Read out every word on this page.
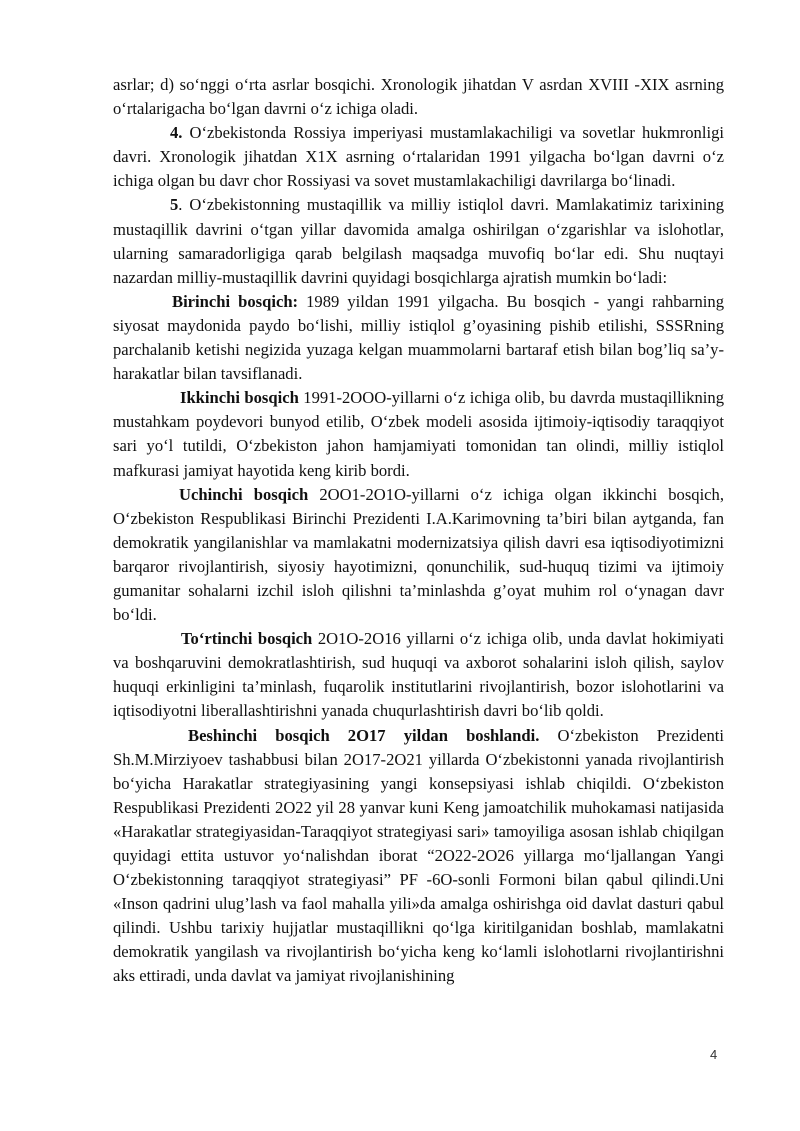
asrlar; d) so‘nggi o‘rta asrlar bosqichi. Xronologik jihatdan V asrdan XVIII -XIX asrning o‘rtalarigacha bo‘lgan davrni o‘z ichiga oladi.

4. O‘zbekistonda Rossiya imperiyasi mustamlakachiligi va sovetlar hukmronligi davri. Xronologik jihatdan X1X asrning o‘rtalaridan 1991 yilgacha bo‘lgan davrni o‘z ichiga olgan bu davr chor Rossiyasi va sovet mustamlakachiligi davrilarga bo‘linadi.

5. O‘zbekistonning mustaqillik va milliy istiqlol davri. Mamlakatimiz tarixining mustaqillik davrini o‘tgan yillar davomida amalga oshirilgan o‘zgarishlar va islohotlar, ularning samaradorligiga qarab belgilash maqsadga muvofiq bo‘lar edi. Shu nuqtayi nazardan milliy-mustaqillik davrini quyidagi bosqichlarga ajratish mumkin bo‘ladi:

Birinchi bosqich: 1989 yildan 1991 yilgacha. Bu bosqich - yangi rahbarning siyosat maydonida paydo bo‘lishi, milliy istiqlol g’oyasining pishib etilishi, SSSRning parchalanib ketishi negizida yuzaga kelgan muammolarni bartaraf etish bilan bog’liq sa’y-harakatlar bilan tavsiflanadi.

Ikkinchi bosqich 1991-2OOO-yillarni o‘z ichiga olib, bu davrda mustaqillikning mustahkam poydevori bunyod etilib, O‘zbek modeli asosida ijtimoiy-iqtisodiy taraqqiyot sari yo‘l tutildi, O‘zbekiston jahon hamjamiyati tomonidan tan olindi, milliy istiqlol mafkurasi jamiyat hayotida keng kirib bordi.

Uchinchi bosqich 2OO1-2O1O-yillarni o‘z ichiga olgan ikkinchi bosqich, O‘zbekiston Respublikasi Birinchi Prezidenti I.A.Karimovning ta’biri bilan aytganda, fan demokratik yangilanishlar va mamlakatni modernizatsiya qilish davri esa iqtisodiyotimizni barqaror rivojlantirish, siyosiy hayotimizni, qonunchilik, sud-huquq tizimi va ijtimoiy gumanitar sohalarni izchil isloh qilishni ta’minlashda g’oyat muhim rol o‘ynagan davr bo‘ldi.

To‘rtinchi bosqich 2O1O-2O16 yillarni o‘z ichiga olib, unda davlat hokimiyati va boshqaruvini demokratlashtirish, sud huquqi va axborot sohalarini isloh qilish, saylov huquqi erkinligini ta’minlash, fuqarolik institutlarini rivojlantirish, bozor islohotlarini va iqtisodiyotni liberallashtirishni yanada chuqurlashtirish davri bo‘lib qoldi.

Beshinchi bosqich 2O17 yildan boshlandi. O‘zbekiston Prezidenti Sh.M.Mirziyoev tashabbusi bilan 2O17-2O21 yillarda O‘zbekistonni yanada rivojlantirish bo‘yicha Harakatlar strategiyasining yangi konsepsiyasi ishlab chiqildi. O‘zbekiston Respublikasi Prezidenti 2O22 yil 28 yanvar kuni Keng jamoatchilik muhokamasi natijasida «Harakatlar strategiyasidan-Taraqqiyot strategiyasi sari» tamoyiliga asosan ishlab chiqilgan quyidagi ettita ustuvor yo‘nalishdan iborat “2O22-2O26 yillarga mo‘ljallangan Yangi O‘zbekistonning taraqqiyot strategiyasi” PF -6O-sonli Formoni bilan qabul qilindi.Uni «Inson qadrini ulug’lash va faol mahalla yili»da amalga oshirishga oid davlat dasturi qabul qilindi. Ushbu tarixiy hujjatlar mustaqillikni qo‘lga kiritilganidan boshlab, mamlakatni demokratik yangilash va rivojlantirish bo‘yicha keng ko‘lamli islohotlarni rivojlantirishni aks ettiradi, unda davlat va jamiyat rivojlanishining

4
